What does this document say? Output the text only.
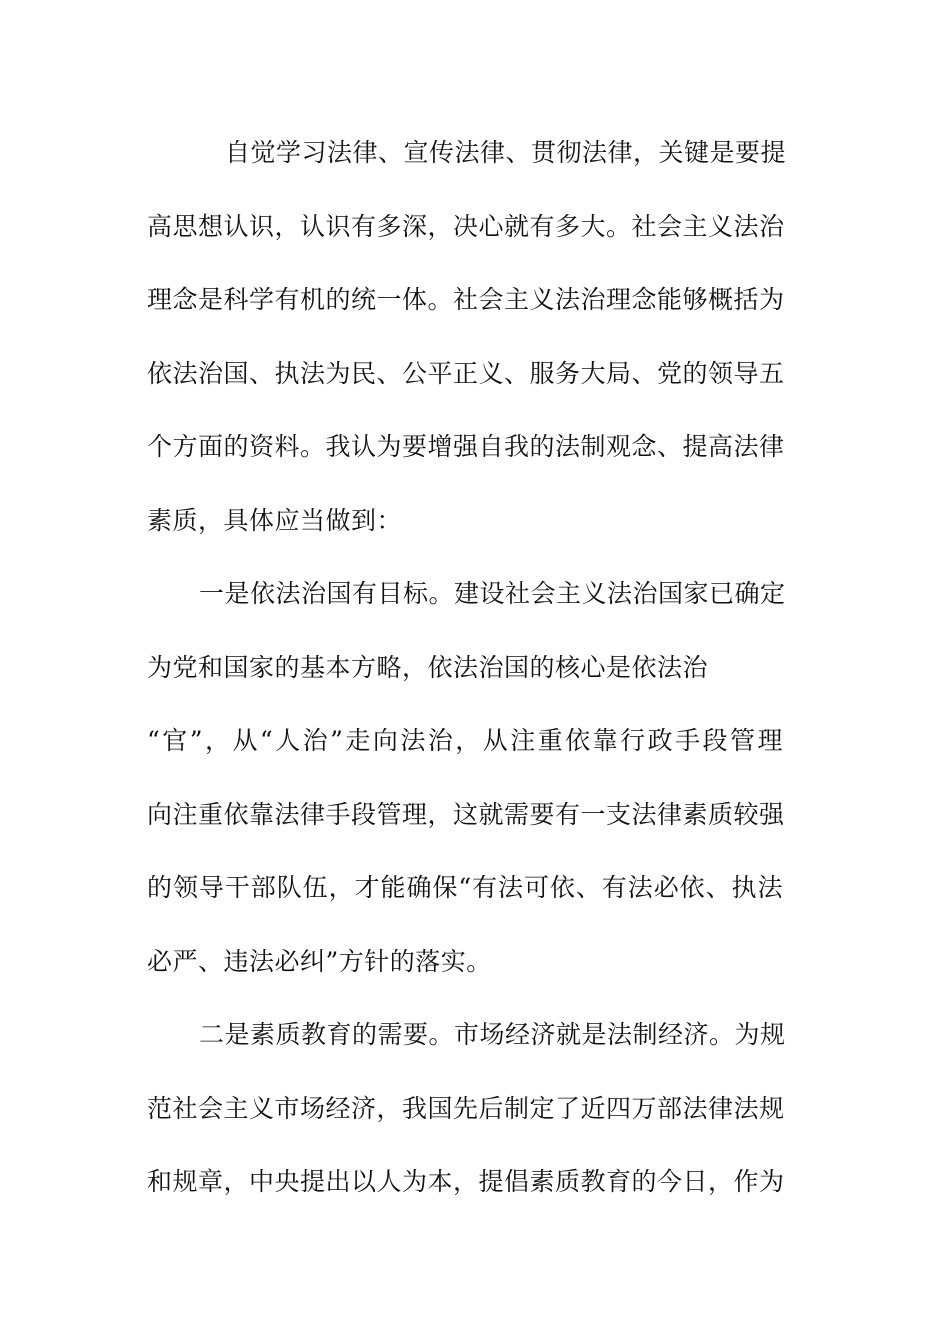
自觉学习法律、宣传法律、贯彻法律，关键是要提
高思想认识，认识有多深，决心就有多大。社会主义法治
理念是科学有机的统一体。社会主义法治理念能够概括为
依法治国、执法为民、公平正义、服务大局、党的领导五
个方面的资料。我认为要增强自我的法制观念、提高法律
素质，具体应当做到：
一是依法治国有目标。建设社会主义法治国家已确定
为党和国家的基本方略，依法治国的核心是依法治
“官”，从“人治”走向法治，从注重依靠行政手段管理
向注重依靠法律手段管理，这就需要有一支法律素质较强
的领导干部队伍，才能确保“有法可依、有法必依、执法
必严、违法必纠”方针的落实。
二是素质教育的需要。市场经济就是法制经济。为规
范社会主义市场经济，我国先后制定了近四万部法律法规
和规章，中央提出以人为本，提倡素质教育的今日，作为
